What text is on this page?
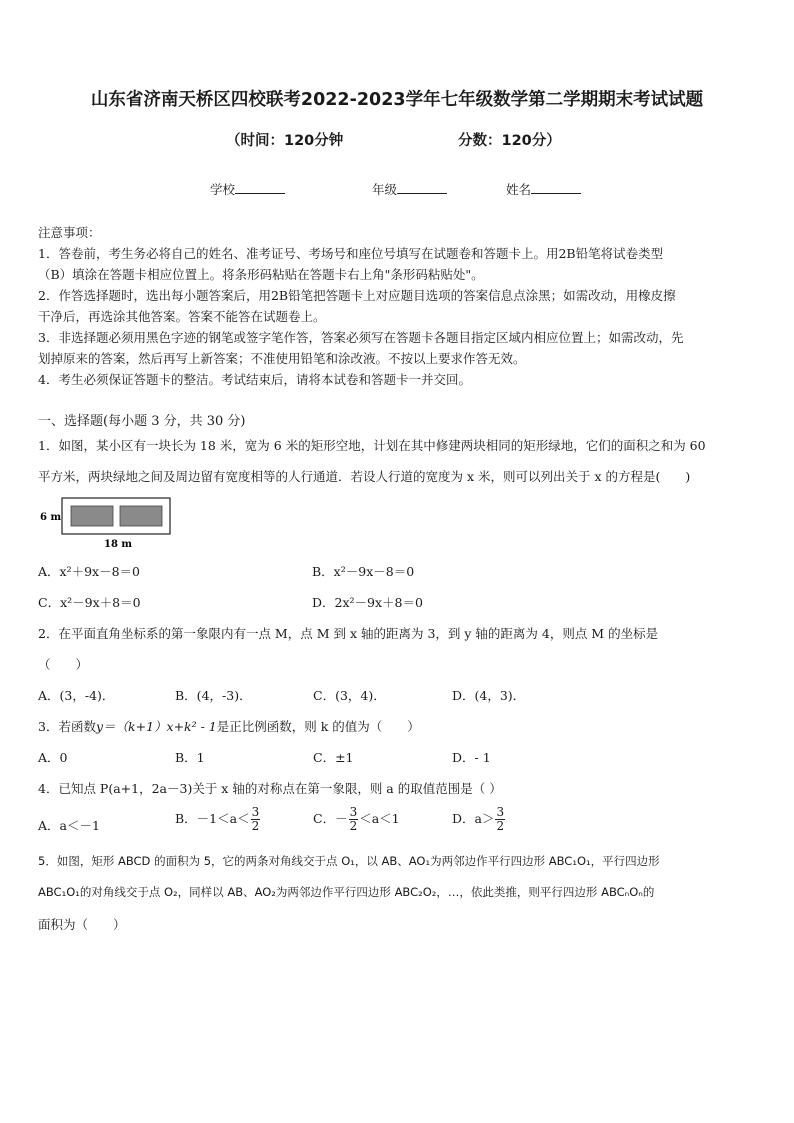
山东省济南天桥区四校联考2022-2023学年七年级数学第二学期期末考试试题
（时间：120分钟	分数：120分）
学校	年级	姓名
注意事项：
1．答卷前，考生务必将自己的姓名、准考证号、考场号和座位号填写在试题卷和答题卡上。用2B铅笔将试卷类型
（B）填涂在答题卡相应位置上。将条形码粘贴在答题卡右上角"条形码粘贴处"。
2．作答选择题时，选出每小题答案后，用2B铅笔把答题卡上对应题目选项的答案信息点涂黑；如需改动，用橡皮擦
干净后，再选涂其他答案。答案不能答在试题卷上。
3．非选择题必须用黑色字迹的钢笔或签字笔作答，答案必须写在答题卡各题目指定区域内相应位置上；如需改动，先
划掉原来的答案，然后再写上新答案；不准使用铅笔和涂改液。不按以上要求作答无效。
4．考生必须保证答题卡的整洁。考试结束后，请将本试卷和答题卡一并交回。
一、选择题(每小题 3 分，共 30 分)
1．如图，某小区有一块长为 18 米，宽为 6 米的矩形空地，计划在其中修建两块相同的矩形绿地，它们的面积之和为 60
平方米，两块绿地之间及周边留有宽度相等的人行通道．若设人行道的宽度为 x 米，则可以列出关于 x 的方程是(　　)
6 m
18 m
A．x²＋9x－8＝0	B．x²－9x－8＝0
C．x²－9x＋8＝0	D．2x²－9x＋8＝0
2．在平面直角坐标系的第一象限内有一点 M，点 M 到 x 轴的距离为 3，到 y 轴的距离为 4，则点 M 的坐标是
（　　）
A．(3，-4)．	B．(4，-3)．	C．(3，4)．	D．(4，3)．
3．若函数y＝（k+1）x+k² - 1是正比例函数，则 k 的值为（　　）
A．0	B．1	C．±1	D．- 1
4．已知点 P(a+1，2a－3)关于 x 轴的对称点在第一象限，则 a 的取值范围是（ ）
A．a＜－1	B．$-1<a< \frac{3}{2}$	C．－ $\frac{3}{2} <a<1$	D．$a> \frac{3}{2}$
5．如图，矩形 ABCD 的面积为 5，它的两条对角线交于点 O₁，以 AB、AO₁为两邻边作平行四边形 ABC₁O₁，平行四边形
ABC₁O₁的对角线交于点 O₂，同样以 AB、AO₂为两邻边作平行四边形 ABC₂O₂，…，依此类推，则平行四边形 ABCₙOₙ的
面积为（　　）
